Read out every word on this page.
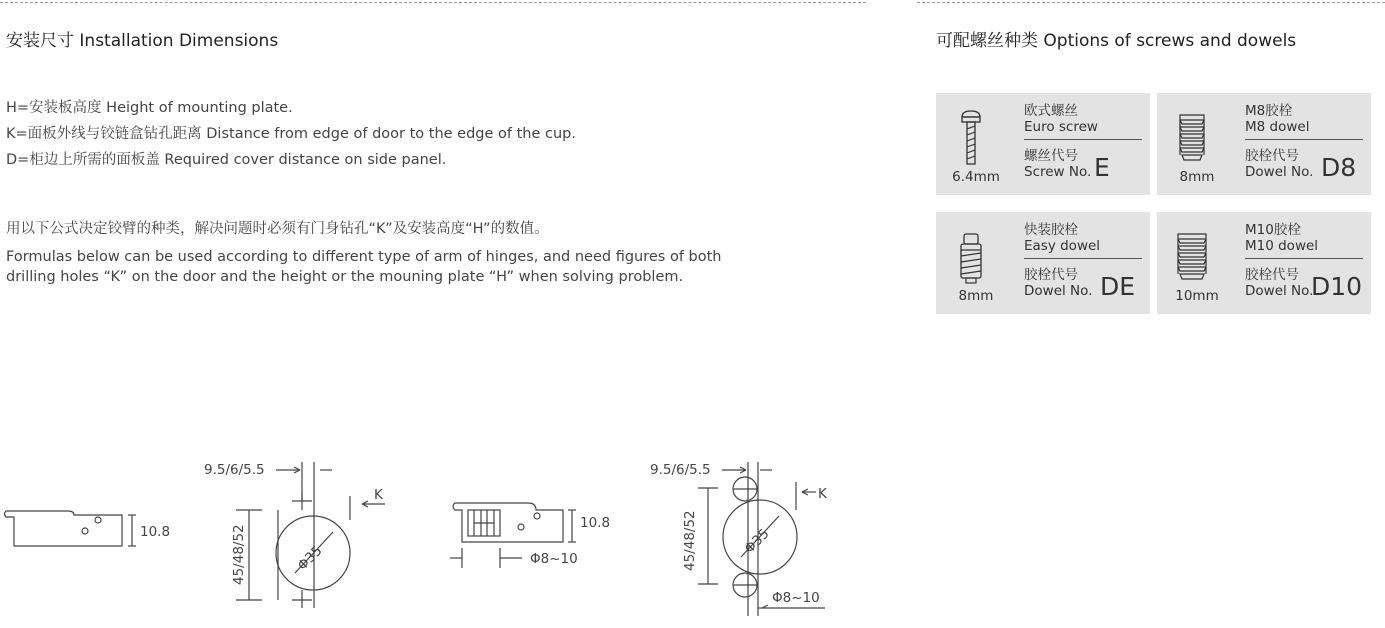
安装尺寸 Installation Dimensions
H=安装板高度 Height of mounting plate.
K=面板外线与铰链盒钻孔距离 Distance from edge of door to the edge of the cup.
D=柜边上所需的面板盖 Required cover distance on side panel.
用以下公式决定铰臂的种类，解决问题时必须有门身钻孔“K”及安装高度“H”的数值。
Formulas below can be used according to different type of arm of hinges, and need figures of both
drilling holes “K” on the door and the height or the mouning plate “H” when solving problem.
可配螺丝种类 Options of screws and dowels
6.4mm
欧式螺丝
Euro screw
螺丝代号
Screw No. E	8mm
M8胶栓
M8 dowel
胶栓代号
Dowel No. D8
8mm
快装胶栓
Easy dowel
胶栓代号
Dowel No. DE	10mm
M10胶栓
M10 dowel
胶栓代号
Dowel No.
D10
10.8
9.5/6/5.5
K
45/48/52	Φ35
10.8
Φ8~10
9.5/6/5.5
K
45/48/52	Φ35
Φ8~10
